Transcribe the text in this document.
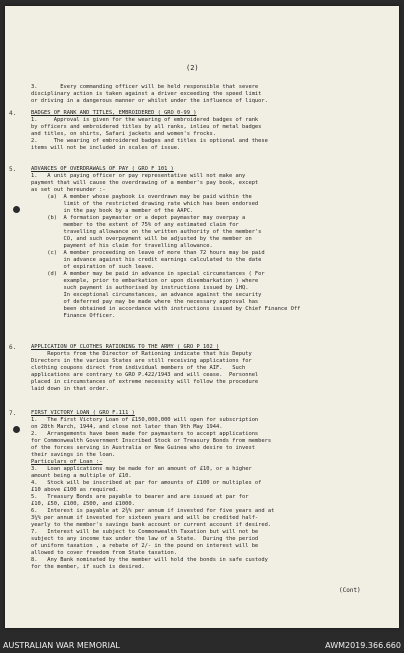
(2)
3.       Every commanding officer will be held responsible that severe
disciplinary action is taken against a driver exceeding the speed limit
or driving in a dangerous manner or whilst under the influence of liquor.
4.	BADGES OF RANK AND TITLES, EMBROIDERED ( GRO 0-99 )
1.     Approval is given for the wearing of embroidered badges of rank
by officers and embroidered titles by all ranks, inlieu of metal badges
and titles, on shirts, Safari jackets and women's frocks.
2.     The wearing of embroidered badges and titles is optional and these
items will not be included in scales of issue.
5.	ADVANCES OF OVERDRAWALS OF PAY ( GRO F 101 )
1.   A unit paying officer or pay representative will not make any
payment that will cause the overdrawing of a member's pay book, except
as set out hereunder :-
(a)  A member whose paybook is overdrawn may be paid within the
limit of the restricted drawing rate which has been endorsed
in the pay book by a member of the AAPC.
(b)  A formation paymaster or a depot paymaster may overpay a
member to the extent of 75% of any estimated claim for
travelling allowance on the written authority of the member's
CO, and such overpayment will be adjusted by the member on
payment of his claim for travelling allowance.
(c)  A member proceeding on leave of more than 72 hours may be paid
in advance against his credit earnings calculated to the date
of expiration of such leave.
(d)  A member may be paid in advance in special circumstances ( For
example, prior to embarkation or upon disembarkation ) where
such payment is authorised by instructions issued by LHQ.
In exceptional circumstances, an advance against the security
of deferred pay may be made where the necessary approval has
been obtained in accordance with instructions issued by Chief Finance Off
Finance Officer.
6.	APPLICATION OF CLOTHES RATIONING TO THE ARMY ( GRO P 102 )
Reports from the Director of Rationing indicate that his Deputy
Directors in the various States are still receiving applications for
clothing coupons direct from individual members of the AIF.   Such
applications are contrary to GRO P.422/1943 and will cease.  Personnel
placed in circumstances of extreme necessity will follow the procedure
laid down in that order.
7.	FIRST VICTORY LOAN ( GRO F.111 )
1.   The First Victory Loan of £150,000,000 will open for subscription
on 28th March, 1944, and close not later than 9th May 1944.
2.   Arrangements have been made for paymasters to accept applications
for Commonwealth Government Inscribed Stock or Treasury Bonds from members
of the forces serving in Australia or New Guinea who desire to invest
their savings in the loan.
Particulars of Loan :-
3.   Loan applications may be made for an amount of £10, or a higher
amount being a multiple of £10.
4.   Stock will be inscribed at par for amounts of £100 or multiples of
£10 above £100 as required.
5.   Treasury Bonds are payable to bearer and are issued at par for
£10, £50, £100, £500, and £1000.
6.   Interest is payable at 2¾% per annum if invested for five years and at
3¼% per annum if invested for sixteen years and will be credited half-
yearly to the member's savings bank account or current account if desired.
7.   Interest will be subject to Commonwealth Taxation but will not be
subject to any income tax under the law of a State.  During the period
of uniform taxation , a rebate of 2/- in the pound on interest will be
allowed to cover freedom from State taxation.
8.   Any Bank nominated by the member will hold the bonds in safe custody
for the member, if such is desired.
(Cont)
AUSTRALIAN WAR MEMORIAL	AWM2019.366.660
